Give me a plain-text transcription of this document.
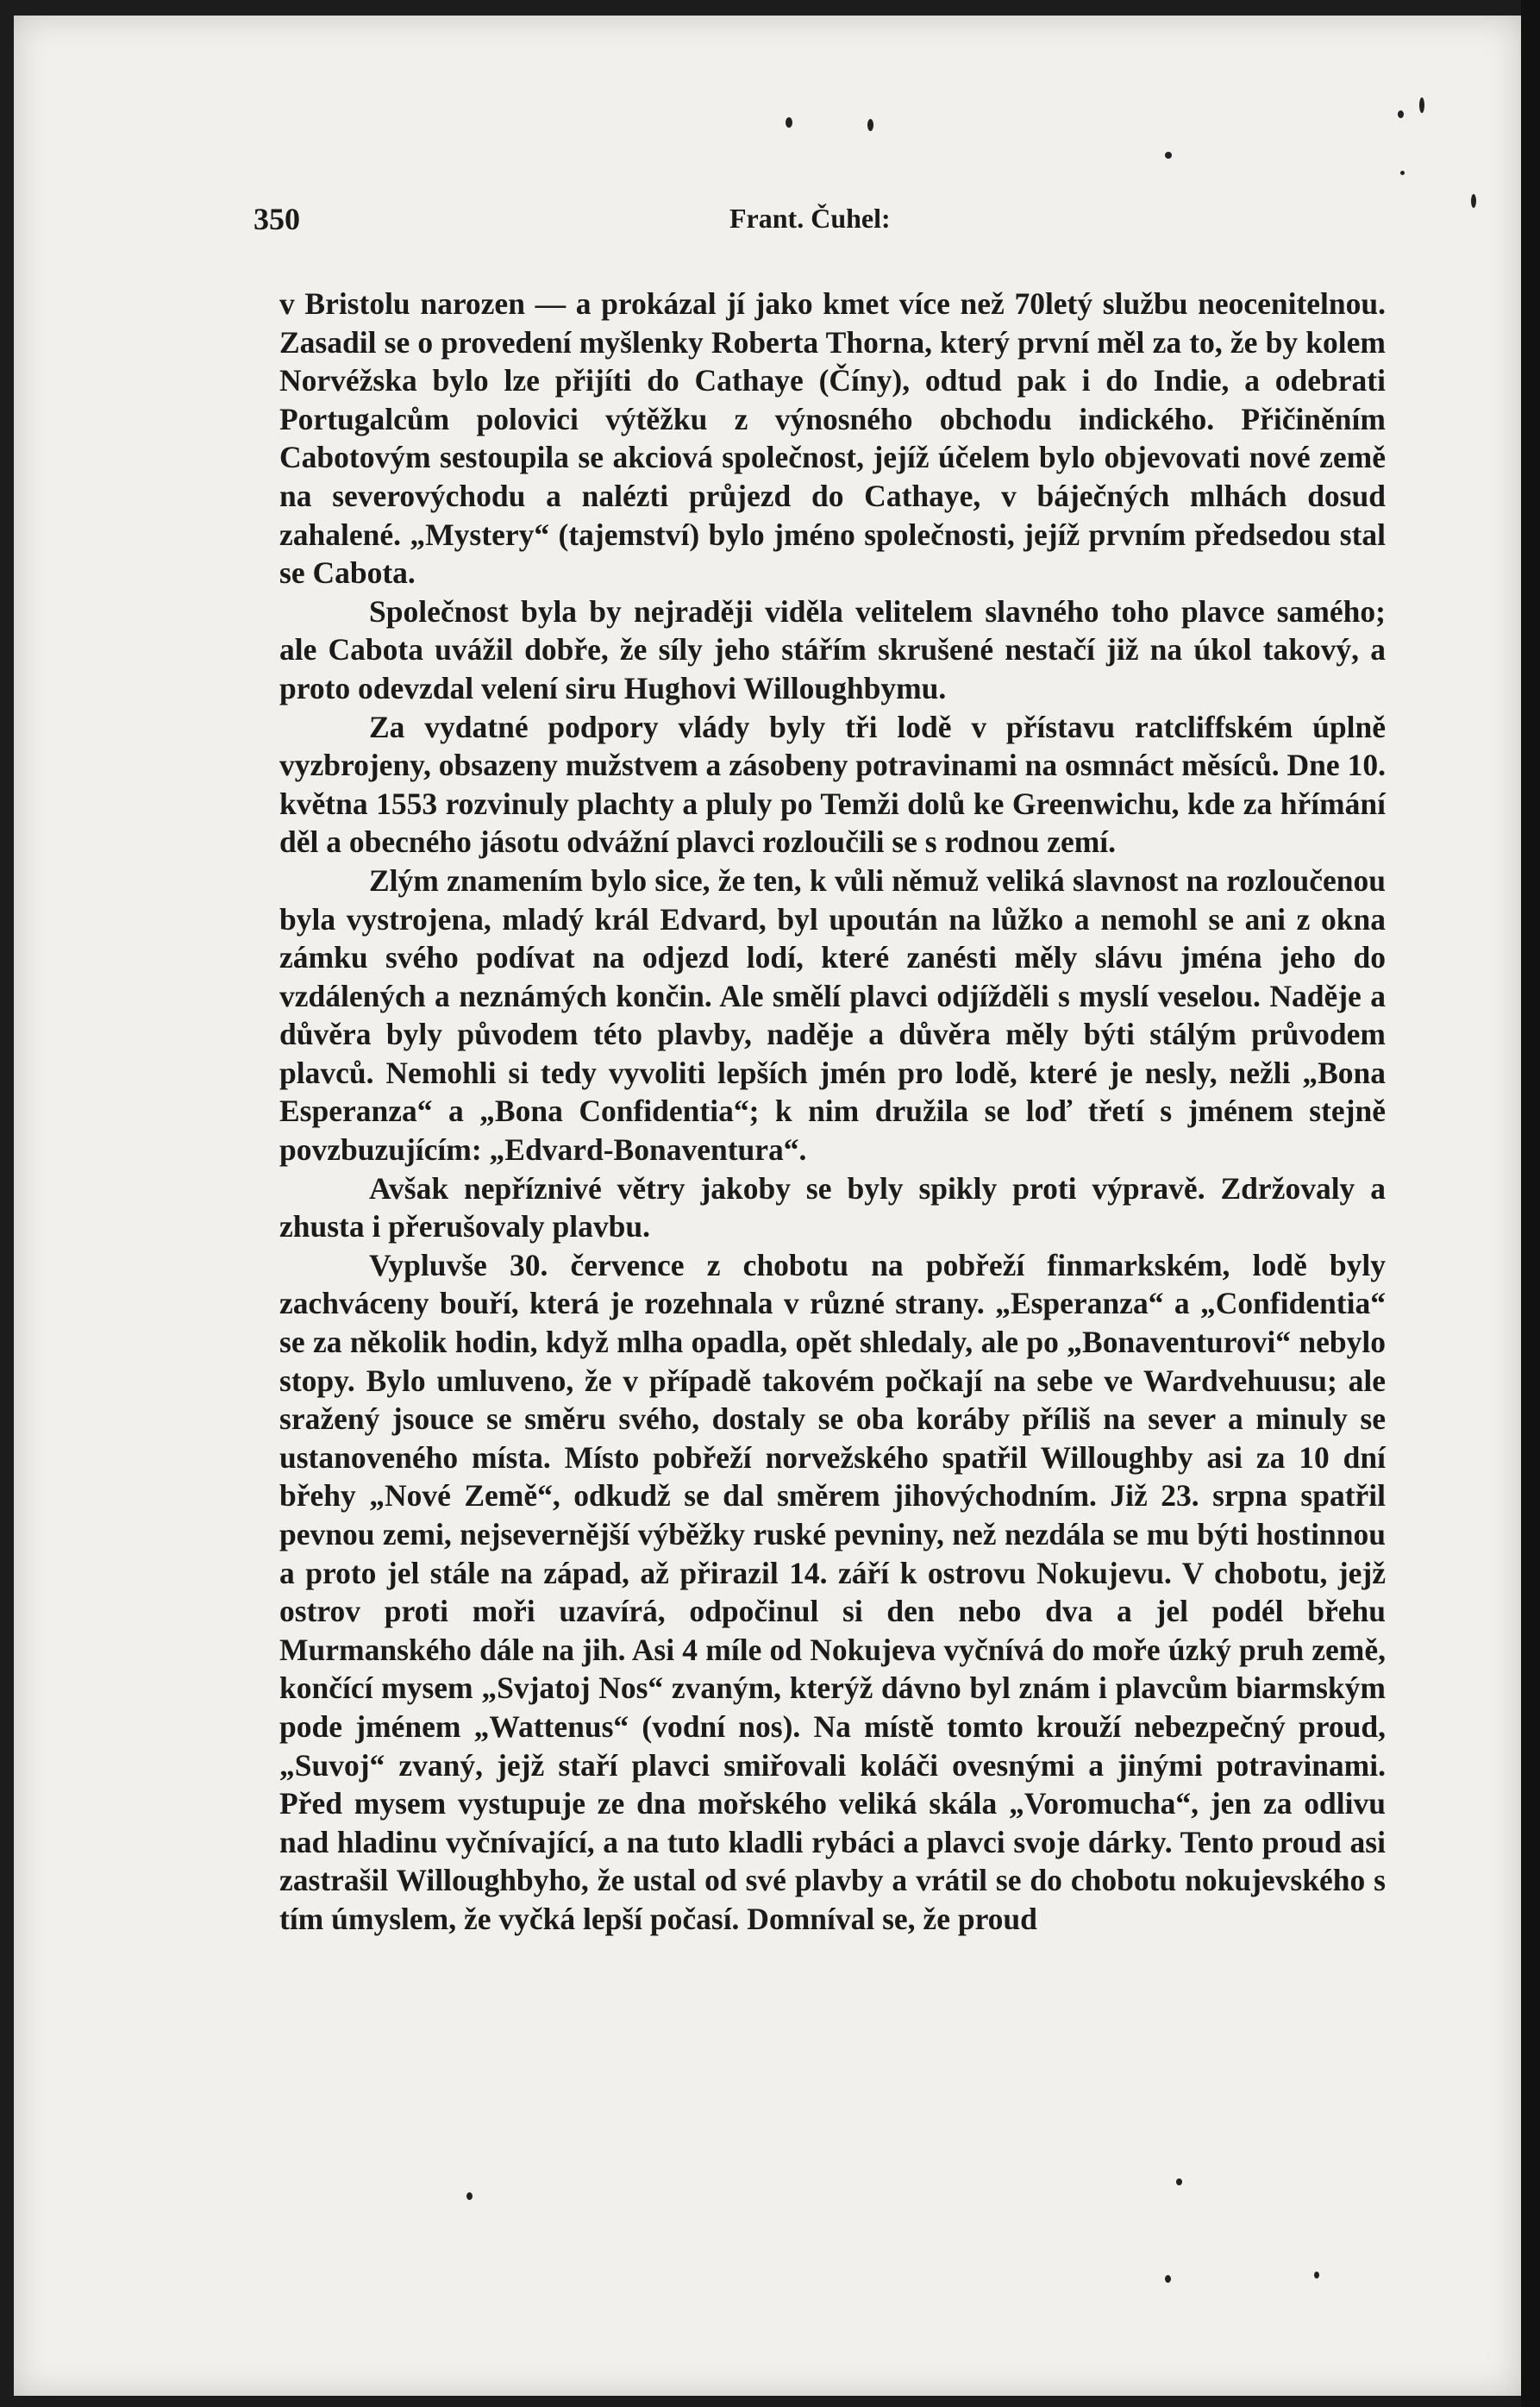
350	Frant. Čuhel:

v Bristolu narozen — a prokázal jí jako kmet více než 70letý službu neocenitelnou. Zasadil se o provedení myšlenky Roberta Thorna, který první měl za to, že by kolem Norvéžska bylo lze přijíti do Cathaye (Číny), odtud pak i do Indie, a odebrati Portugalcům polovici výtěžku z výnosného obchodu indického. Přičiněním Cabotovým sestoupila se akciová společnost, jejíž účelem bylo objevovati nové země na severovýchodu a nalézti průjezd do Cathaye, v báječných mlhách dosud zahalené. „Mystery“ (tajemství) bylo jméno společnosti, jejíž prvním předsedou stal se Cabota.

Společnost byla by nejraději viděla velitelem slavného toho plavce samého; ale Cabota uvážil dobře, že síly jeho stářím skrušené nestačí již na úkol takový, a proto odevzdal velení siru Hughovi Willoughbymu.

Za vydatné podpory vlády byly tři lodě v přístavu ratcliffském úplně vyzbrojeny, obsazeny mužstvem a zásobeny potravinami na osmnáct měsíců. Dne 10. května 1553 rozvinuly plachty a pluly po Temži dolů ke Greenwichu, kde za hřímání děl a obecného jásotu odvážní plavci rozloučili se s rodnou zemí.

Zlým znamením bylo sice, že ten, k vůli němuž veliká slavnost na rozloučenou byla vystrojena, mladý král Edvard, byl upoután na lůžko a nemohl se ani z okna zámku svého podívat na odjezd lodí, které zanésti měly slávu jména jeho do vzdálených a neznámých končin. Ale smělí plavci odjížděli s myslí veselou. Naděje a důvěra byly původem této plavby, naděje a důvěra měly býti stálým průvodem plavců. Nemohli si tedy vyvoliti lepších jmén pro lodě, které je nesly, nežli „Bona Esperanza“ a „Bona Confidentia“; k nim družila se loď třetí s jménem stejně povzbuzujícím: „Edvard-Bonaventura“.

Avšak nepříznivé větry jakoby se byly spikly proti výpravě. Zdržovaly a zhusta i přerušovaly plavbu.

Vypluvše 30. července z chobotu na pobřeží finmarkském, lodě byly zachváceny bouří, která je rozehnala v různé strany. „Esperanza“ a „Confidentia“ se za několik hodin, když mlha opadla, opět shledaly, ale po „Bonaventurovi“ nebylo stopy. Bylo umluveno, že v případě takovém počkají na sebe ve Wardvehuusu; ale sražený jsouce se směru svého, dostaly se oba koráby příliš na sever a minuly se ustanoveného místa. Místo pobřeží norvežského spatřil Willoughby asi za 10 dní břehy „Nové Země“, odkudž se dal směrem jihovýchodním. Již 23. srpna spatřil pevnou zemi, nejsevernější výběžky ruské pevniny, než nezdála se mu býti hostinnou a proto jel stále na západ, až přirazil 14. září k ostrovu Nokujevu. V chobotu, jejž ostrov proti moři uzavírá, odpočinul si den nebo dva a jel podél břehu Murmanského dále na jih. Asi 4 míle od Nokujeva vyčnívá do moře úzký pruh země, končící mysem „Svjatoj Nos“ zvaným, kterýž dávno byl znám i plavcům biarmským pode jménem „Wattenus“ (vodní nos). Na místě tomto krouží nebezpečný proud, „Suvoj“ zvaný, jejž staří plavci smiřovali koláči ovesnými a jinými potravinami. Před mysem vystupuje ze dna mořského veliká skála „Voromucha“, jen za odlivu nad hladinu vyčnívající, a na tuto kladli rybáci a plavci svoje dárky. Tento proud asi zastrašil Willoughbyho, že ustal od své plavby a vrátil se do chobotu nokujevského s tím úmyslem, že vyčká lepší počasí. Domníval se, že proud
